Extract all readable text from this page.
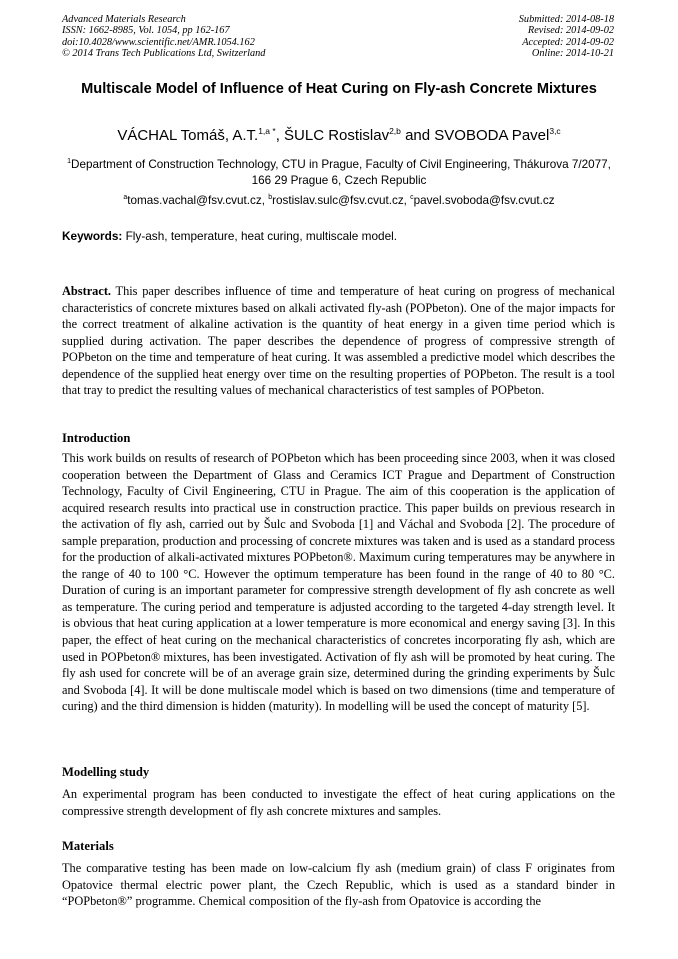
Advanced Materials Research
ISSN: 1662-8985, Vol. 1054, pp 162-167
doi:10.4028/www.scientific.net/AMR.1054.162
© 2014 Trans Tech Publications Ltd, Switzerland
Submitted: 2014-08-18
Revised: 2014-09-02
Accepted: 2014-09-02
Online: 2014-10-21
Multiscale Model of Influence of Heat Curing on Fly-ash Concrete Mixtures
VÁCHAL Tomáš, A.T.$^{1,a *}$, ŠULC Rostislav$^{2,b}$ and SVOBODA Pavel$^{3,c}$
$^1$Department of Construction Technology, CTU in Prague, Faculty of Civil Engineering, Thákurova 7/2077, 166 29 Prague 6, Czech Republic
$^a$tomas.vachal@fsv.cvut.cz, $^b$rostislav.sulc@fsv.cvut.cz, $^c$pavel.svoboda@fsv.cvut.cz
Keywords: Fly-ash, temperature, heat curing, multiscale model.
Abstract. This paper describes influence of time and temperature of heat curing on progress of mechanical characteristics of concrete mixtures based on alkali activated fly-ash (POPbeton). One of the major impacts for the correct treatment of alkaline activation is the quantity of heat energy in a given time period which is supplied during activation. The paper describes the dependence of progress of compressive strength of POPbeton on the time and temperature of heat curing. It was assembled a predictive model which describes the dependence of the supplied heat energy over time on the resulting properties of POPbeton. The result is a tool that tray to predict the resulting values of mechanical characteristics of test samples of POPbeton.
Introduction
This work builds on results of research of POPbeton which has been proceeding since 2003, when it was closed cooperation between the Department of Glass and Ceramics ICT Prague and Department of Construction Technology, Faculty of Civil Engineering, CTU in Prague. The aim of this cooperation is the application of acquired research results into practical use in construction practice. This paper builds on previous research in the activation of fly ash, carried out by Šulc and Svoboda [1] and Váchal and Svoboda [2]. The procedure of sample preparation, production and processing of concrete mixtures was taken and is used as a standard process for the production of alkali-activated mixtures POPbeton®. Maximum curing temperatures may be anywhere in the range of 40 to 100 °C. However the optimum temperature has been found in the range of 40 to 80 °C. Duration of curing is an important parameter for compressive strength development of fly ash concrete as well as temperature. The curing period and temperature is adjusted according to the targeted 4-day strength level. It is obvious that heat curing application at a lower temperature is more economical and energy saving [3]. In this paper, the effect of heat curing on the mechanical characteristics of concretes incorporating fly ash, which are used in POPbeton® mixtures, has been investigated. Activation of fly ash will be promoted by heat curing. The fly ash used for concrete will be of an average grain size, determined during the grinding experiments by Šulc and Svoboda [4]. It will be done multiscale model which is based on two dimensions (time and temperature of curing) and the third dimension is hidden (maturity). In modelling will be used the concept of maturity [5].
Modelling study
An experimental program has been conducted to investigate the effect of heat curing applications on the compressive strength development of fly ash concrete mixtures and samples.
Materials
The comparative testing has been made on low-calcium fly ash (medium grain) of class F originates from Opatovice thermal electric power plant, the Czech Republic, which is used as a standard binder in “POPbeton®” programme. Chemical composition of the fly-ash from Opatovice is according the
